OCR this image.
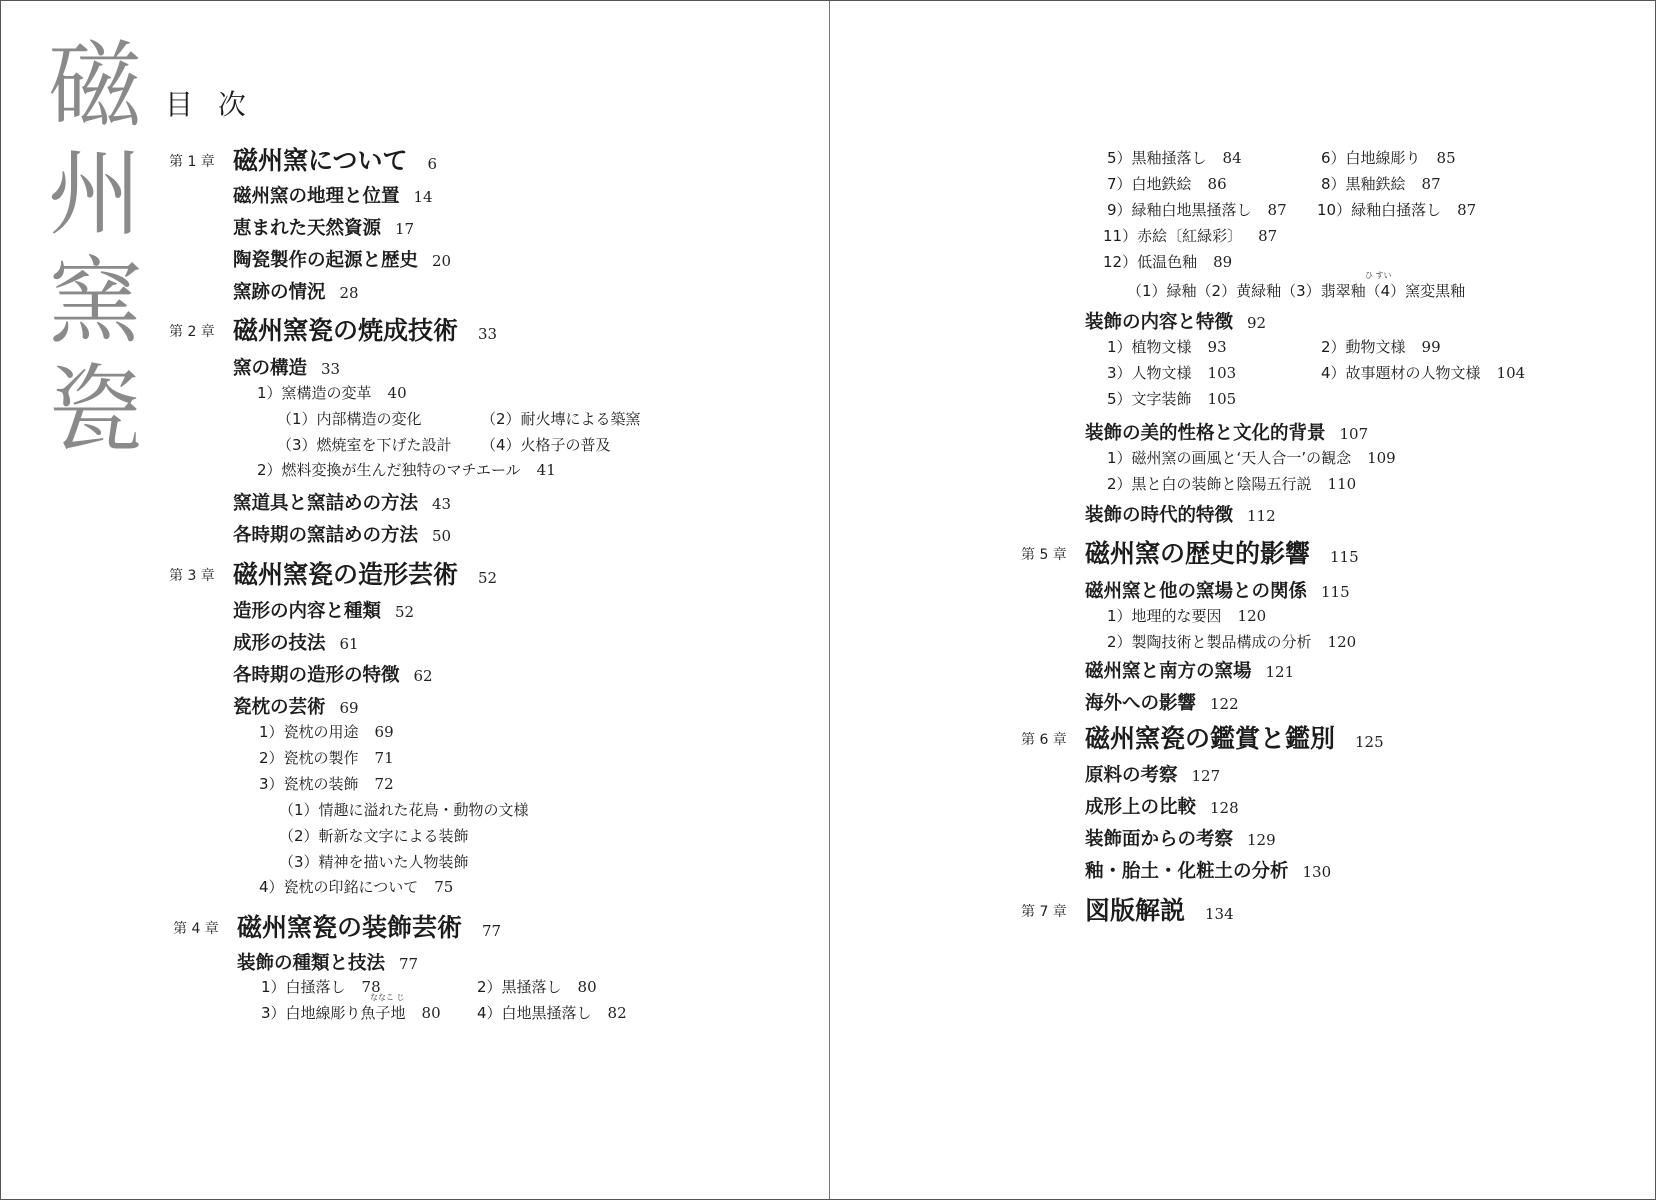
磁
州
窯
瓷
目 次
第 1 章 磁州窯について 6
磁州窯の地理と位置 14
恵まれた天然資源 17
陶瓷製作の起源と歴史 20
窯跡の情況 28
第 2 章 磁州窯瓷の焼成技術 33
窯の構造 33
1）窯構造の変革 40
（1）内部構造の変化	（2）耐火塼による築窯
（3）燃焼室を下げた設計 （4）火格子の普及
2）燃料変換が生んだ独特のマチエール 41
窯道具と窯詰めの方法 43
各時期の窯詰めの方法 50
第 3 章 磁州窯瓷の造形芸術 52
造形の内容と種類 52
成形の技法 61
各時期の造形の特徴 62
瓷枕の芸術 69
1）瓷枕の用途 69
2）瓷枕の製作 71
3）瓷枕の装飾 72
（1）情趣に溢れた花鳥・動物の文様
（2）斬新な文字による装飾
（3）精神を描いた人物装飾
4）瓷枕の印銘について 75
第 4 章 磁州窯瓷の装飾芸術 77
装飾の種類と技法 77
1）白掻落し 78	2）黒掻落し 80
ななこ じ
3）白地線彫り魚子地 80 4）白地黒掻落し 82
5）黒釉掻落し 84	6）白地線彫り 85
7）白地鉄絵 86	8）黒釉鉄絵 87
9）緑釉白地黒掻落し 87 10）緑釉白掻落し 87
11）赤絵〔紅緑彩〕 87
12）低温色釉 89
ひ すい
（1）緑釉（2）黄緑釉（3）翡翠釉（4）窯変黒釉
装飾の内容と特徴 92
1）植物文様 93	2）動物文様 99
3）人物文様 103	4）故事題材の人物文様 104
5）文字装飾 105
装飾の美的性格と文化的背景 107
1）磁州窯の画風と‘天人合一’の観念 109
2）黒と白の装飾と陰陽五行説 110
装飾の時代的特徴 112
第 5 章 磁州窯の歴史的影響 115
磁州窯と他の窯場との関係 115
1）地理的な要因 120
2）製陶技術と製品構成の分析 120
磁州窯と南方の窯場 121
海外への影響 122
第 6 章 磁州窯瓷の鑑賞と鑑別 125
原料の考察 127
成形上の比較 128
装飾面からの考察 129
釉・胎土・化粧土の分析 130
第 7 章 図版解説 134
